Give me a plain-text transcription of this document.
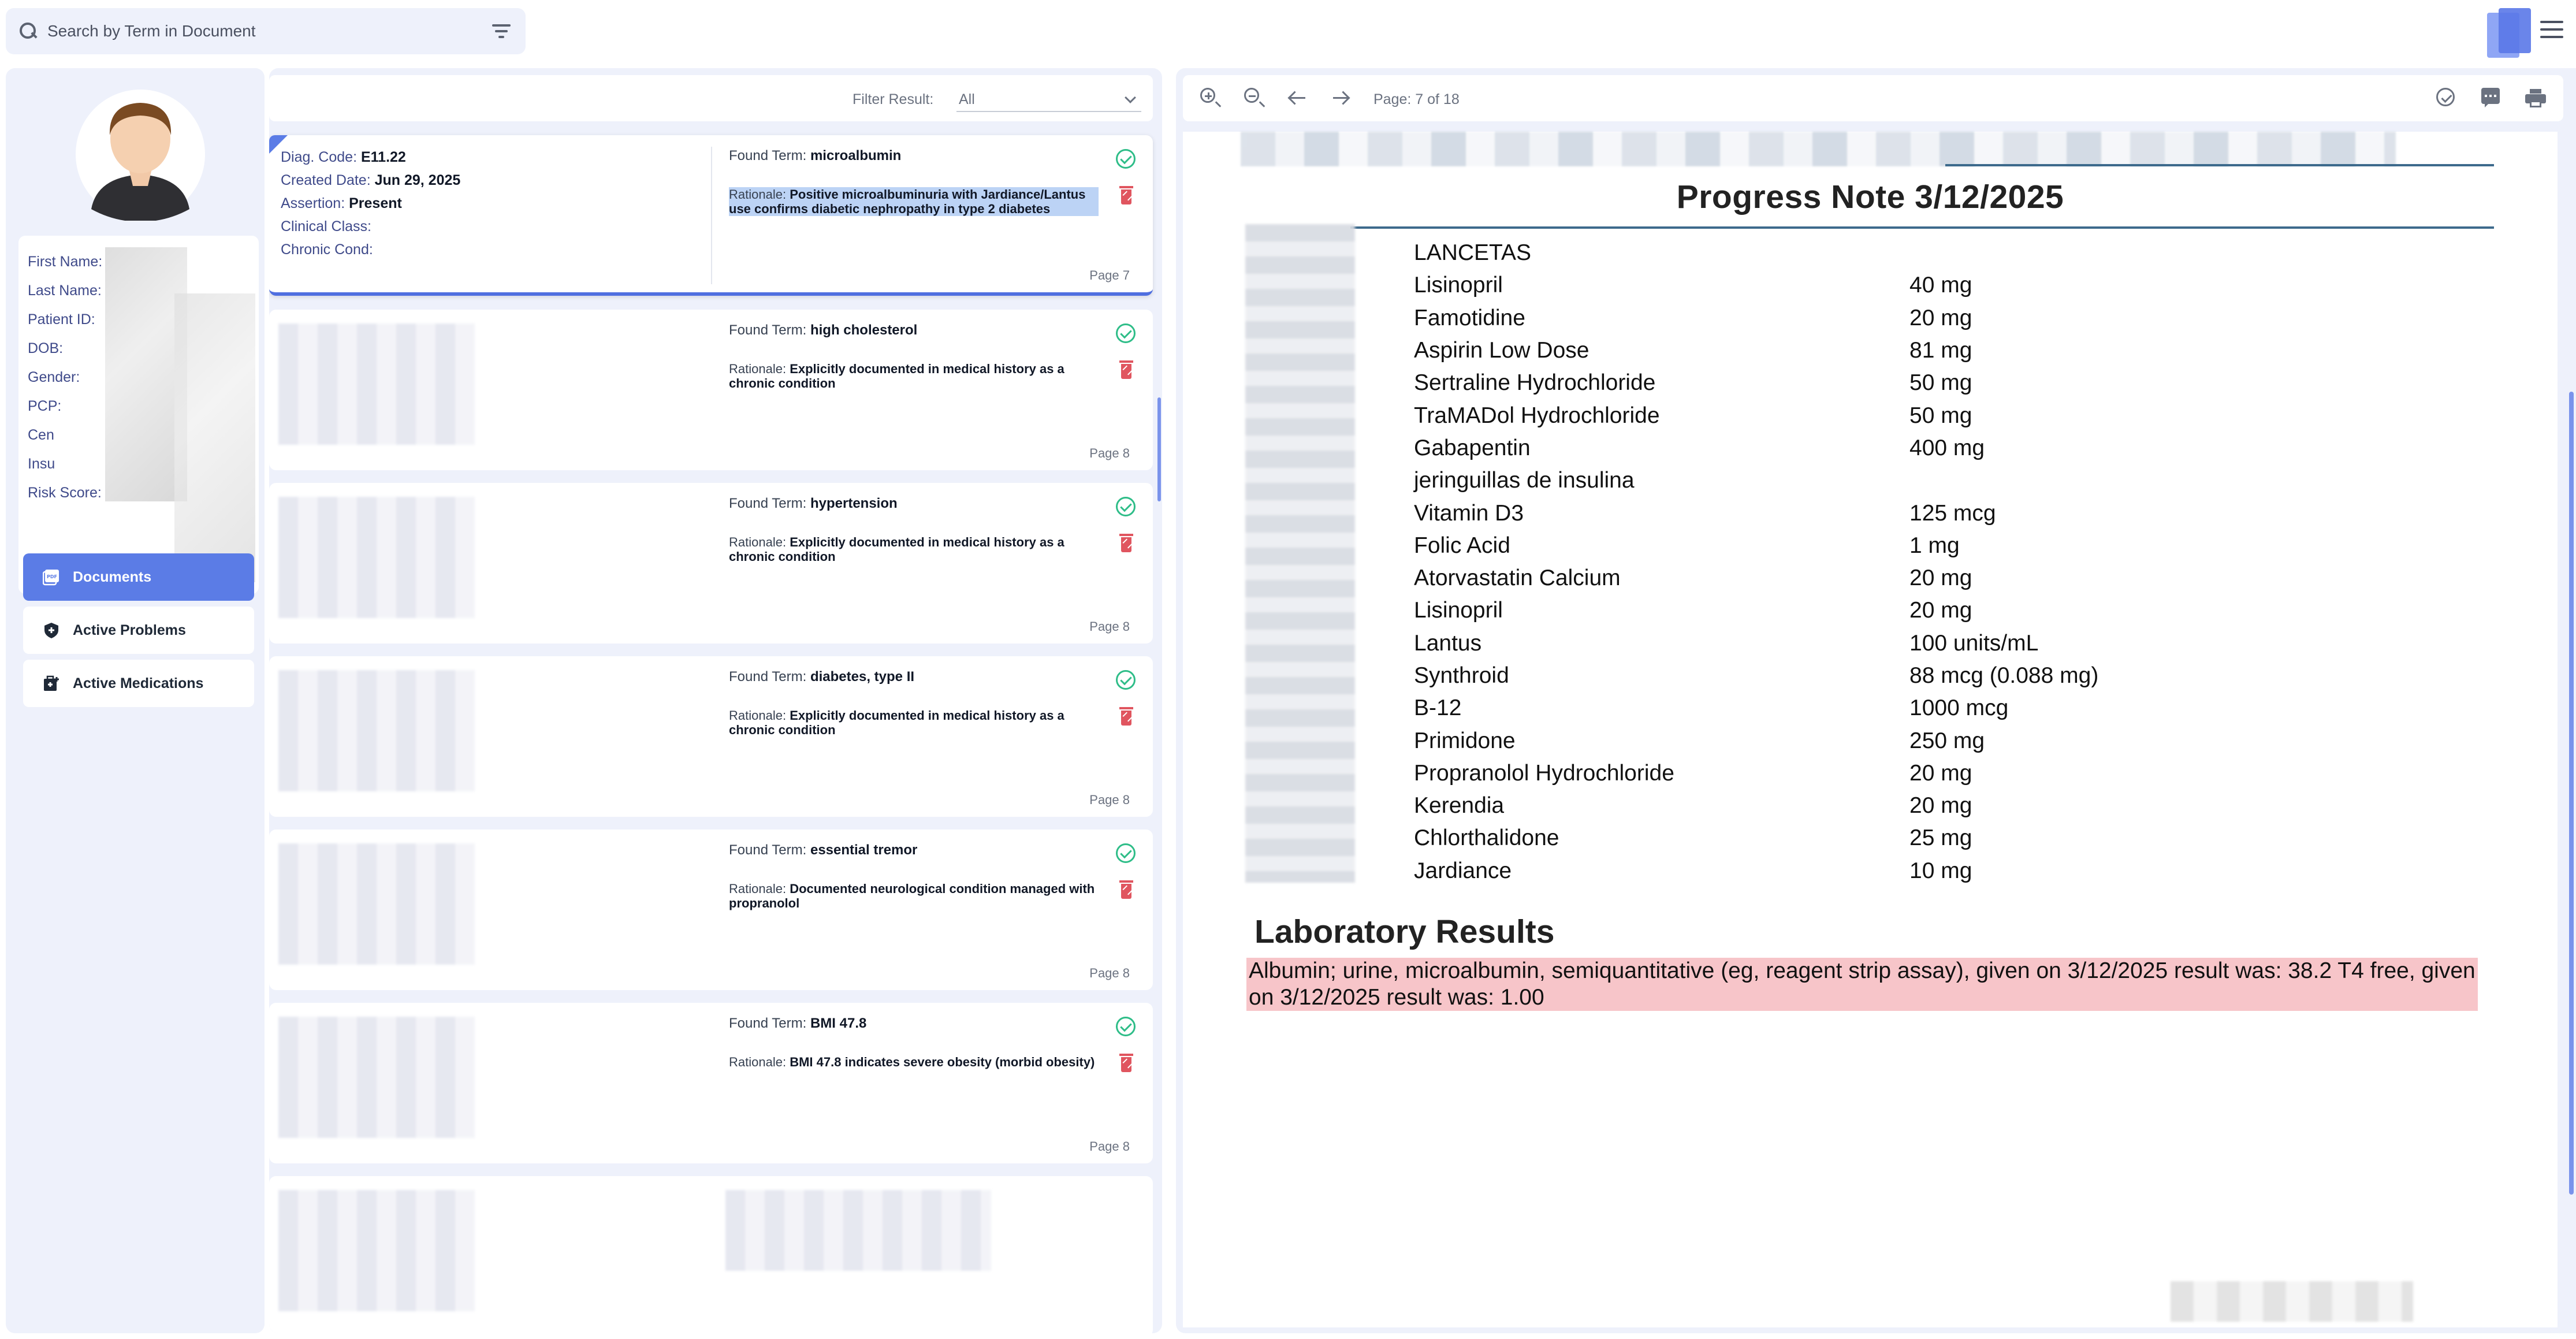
Search by Term in Document
First Name:
Last Name:
Patient ID:
DOB:
Gender:
PCP:
Cen
Insu
Risk Score:
PDF Documents
Active Problems
Active Medications
Filter Result: All
Diag. Code: E11.22
Created Date: Jun 29, 2025
Assertion: Present
Clinical Class:
Chronic Cond:
Found Term: microalbumin
Rationale: Positive microalbuminuria with Jardiance/Lantus use confirms diabetic nephropathy in type 2 diabetes
Page 7
Found Term: high cholesterol
Rationale: Explicitly documented in medical history as a chronic condition
Page 8
Found Term: hypertension
Rationale: Explicitly documented in medical history as a chronic condition
Page 8
Found Term: diabetes, type II
Rationale: Explicitly documented in medical history as a chronic condition
Page 8
Found Term: essential tremor
Rationale: Documented neurological condition managed with propranolol
Page 8
Found Term: BMI 47.8
Rationale: BMI 47.8 indicates severe obesity (morbid obesity)
Page 8
Page: 7 of 18
Progress Note 3/12/2025
LANCETAS
Lisinopril	40 mg
Famotidine	20 mg
Aspirin Low Dose	81 mg
Sertraline Hydrochloride	50 mg
TraMADol Hydrochloride	50 mg
Gabapentin	400 mg
jeringuillas de insulina
Vitamin D3	125 mcg
Folic Acid	1 mg
Atorvastatin Calcium	20 mg
Lisinopril	20 mg
Lantus	100 units/mL
Synthroid	88 mcg (0.088 mg)
B-12	1000 mcg
Primidone	250 mg
Propranolol Hydrochloride	20 mg
Kerendia	20 mg
Chlorthalidone	25 mg
Jardiance	10 mg
Laboratory Results
Albumin; urine, microalbumin, semiquantitative (eg, reagent strip assay), given on 3/12/2025 result was: 38.2 T4 free, given on 3/12/2025 result was: 1.00
